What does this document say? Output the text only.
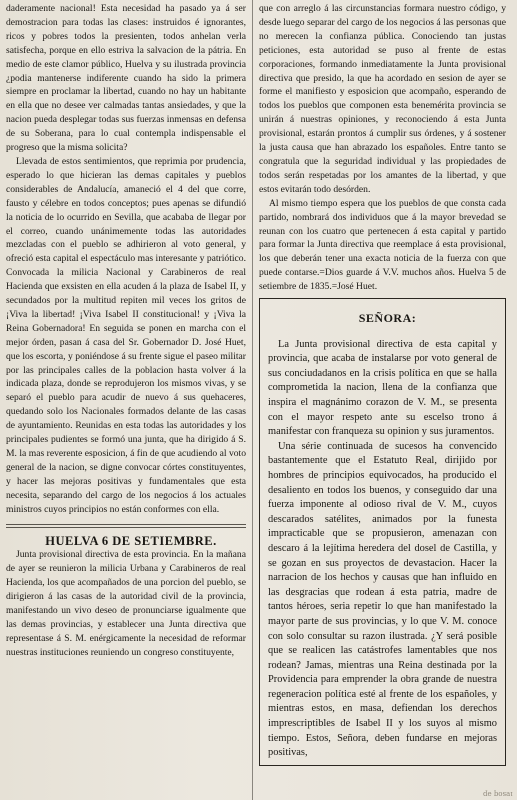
daderamente nacional! Esta necesidad ha pasado ya á ser demostracion para todas las clases: instruidos é ignorantes, ricos y pobres todos la presienten, todos anhelan verla satisfecha, porque en ello estriva la salvacion de la pátria. En medio de este clamor público, Huelva y su ilustrada provincia ¿podia mantenerse indiferente cuando ha sido la primera siempre en proclamar la libertad, cuando no hay un habitante en ella que no desee ver calmadas tantas ansiedades, y que la nacion pueda desplegar todas sus fuerzas inmensas en defensa de su Soberana, para lo cual contempla indispensable el progreso que la misma solicita?

Llevada de estos sentimientos, que reprimia por prudencia, esperado lo que hicieran las demas capitales y pueblos considerables de Andalucía, amaneció el 4 del que corre, fausto y célebre en todos conceptos; pues apenas se difundió la noticia de lo ocurrido en Sevilla, que acababa de llegar por el correo, cuando unánimemente todas las autoridades mezcladas con el pueblo se adhirieron al voto general, y ofreció esta capital el espectáculo mas interesante y patriótico. Convocada la milicia Nacional y Carabineros de real Hacienda que exsisten en ella acuden á la plaza de Isabel II, y secundados por la multitud repiten mil veces los gritos de ¡Viva la libertad! ¡Viva Isabel II constitucional! y ¡Viva la Reina Gobernadora! En seguida se ponen en marcha con el mejor órden, pasan á casa del Sr. Gobernador D. José Huet, que los escorta, y poniéndose á su frente sigue el paseo militar por las principales calles de la poblacion hasta volver á la indicada plaza, donde se reprodujeron los mismos vivas, y se separó el pueblo para acudir de nuevo á sus quehaceres, quedando solo los Nacionales formados delante de las casas de ayuntamiento. Reunidas en esta todas las autoridades y los principales pudientes se formó una junta, que ha dirigido á S. M. la mas reverente esposicion, á fin de que acudiendo al voto general de la nacion, se digne convocar córtes constituyentes, y hacer las mejoras positivas y fundamentales que esta necesita, separando del cargo de los negocios á los actuales ministros cuyos principios no están conformes con ella.

HUELVA 6 DE SETIEMBRE.

Junta provisional directiva de esta provincia. En la mañana de ayer se reunieron la milicia Urbana y Carabineros de real Hacienda, los que acompañados de una porcion del pueblo, se dirigieron á las casas de la autoridad civil de la provincia, manifestando un vivo deseo de pronunciarse igualmente que las demas provincias, y establecer una Junta directiva que representase á S. M. enérgicamente la necesidad de reformar nuestras instituciones reuniendo un congreso constituyente,

que con arreglo á las circunstancias formara nuestro código, y desde luego separar del cargo de los negocios á las personas que no merecen la confianza pública. Conociendo tan justas peticiones, esta autoridad se puso al frente de estas corporaciones, formando inmediatamente la Junta provisional directiva que presido, la que ha acordado en sesion de ayer se forme el manifiesto y esposicion que acompaño, esperando de todos los pueblos que componen esta benemérita provincia se unirán á nuestras opiniones, y reconociendo á esta Junta provisional, estarán prontos á cumplir sus órdenes, y á sostener la justa causa que han abrazado los españoles. Entre tanto se congratula que la seguridad individual y las propiedades de todos serán respetadas por los amantes de la libertad, y que estos evitarán todo desórden.

Al mismo tiempo espera que los pueblos de que consta cada partido, nombrará dos individuos que á la mayor brevedad se reunan con los cuatro que pertenecen á esta capital y partido para formar la Junta directiva que reemplace á esta provisional, los que deberán tener una exacta noticia de la fuerza con que puede contarse.=Dios guarde á V.V. muchos años. Huelva 5 de setiembre de 1835.=José Huet.

SEÑORA:

La Junta provisional directiva de esta capital y provincia, que acaba de instalarse por voto general de sus conciudadanos en la crisis política en que se halla comprometida la nacion, llena de la confianza que inspira el magnánimo corazon de V. M., se presenta con el mayor respeto ante su escelso trono á manifestar con franqueza su opinion y sus juramentos.

Una série continuada de sucesos ha convencido bastantemente que el Estatuto Real, dirijido por hombres de principios equivocados, ha producido el desaliento en todos los buenos, y conseguido dar una fuerza imponente al odioso rival de V. M., cuyos descarados satélites, animados por la funesta impracticable que se propusieron, amenazan con descaro á la lejítima heredera del dosel de Castilla, y se gozan en sus proyectos de devastacion. Hacer la narracion de los hechos y causas que han influido en las desgracias que rodean á esta patria, madre de tantos héroes, seria repetir lo que han manifestado la mayor parte de sus provincias, y lo que V. M. conoce con solo consultar su razon ilustrada. ¿Y será posible que se realicen las catástrofes lamentables que nos rodean? Jamas, mientras una Reina destinada por la Providencia para emprender la obra grande de nuestra regeneracion política esté al frente de los españoles, y mientras estos, en masa, defiendan los derechos imprescriptibles de Isabel II y los suyos al mismo tiempo. Estos, Señora, deben fundarse en mejoras positivas,

ıɐsoq ǝp
